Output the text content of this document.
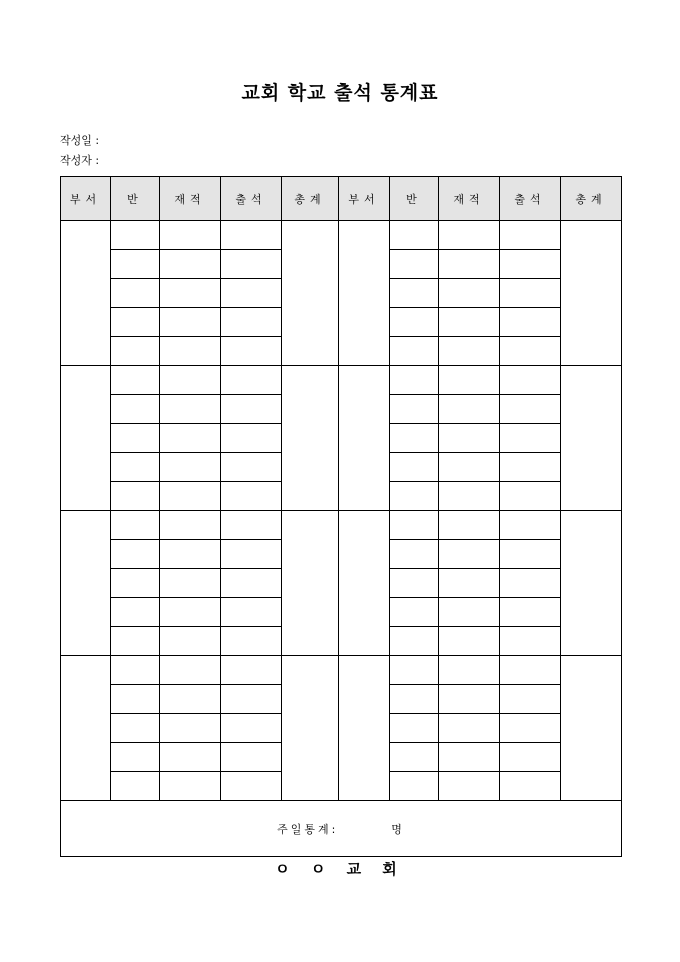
교회 학교 출석 통계표
작성일 :
작성자 :
부서	반	재적	출석	총계	부서	반	재적	출석	총계

주일통계: 명									
ㅇ ㅇ 교 회
